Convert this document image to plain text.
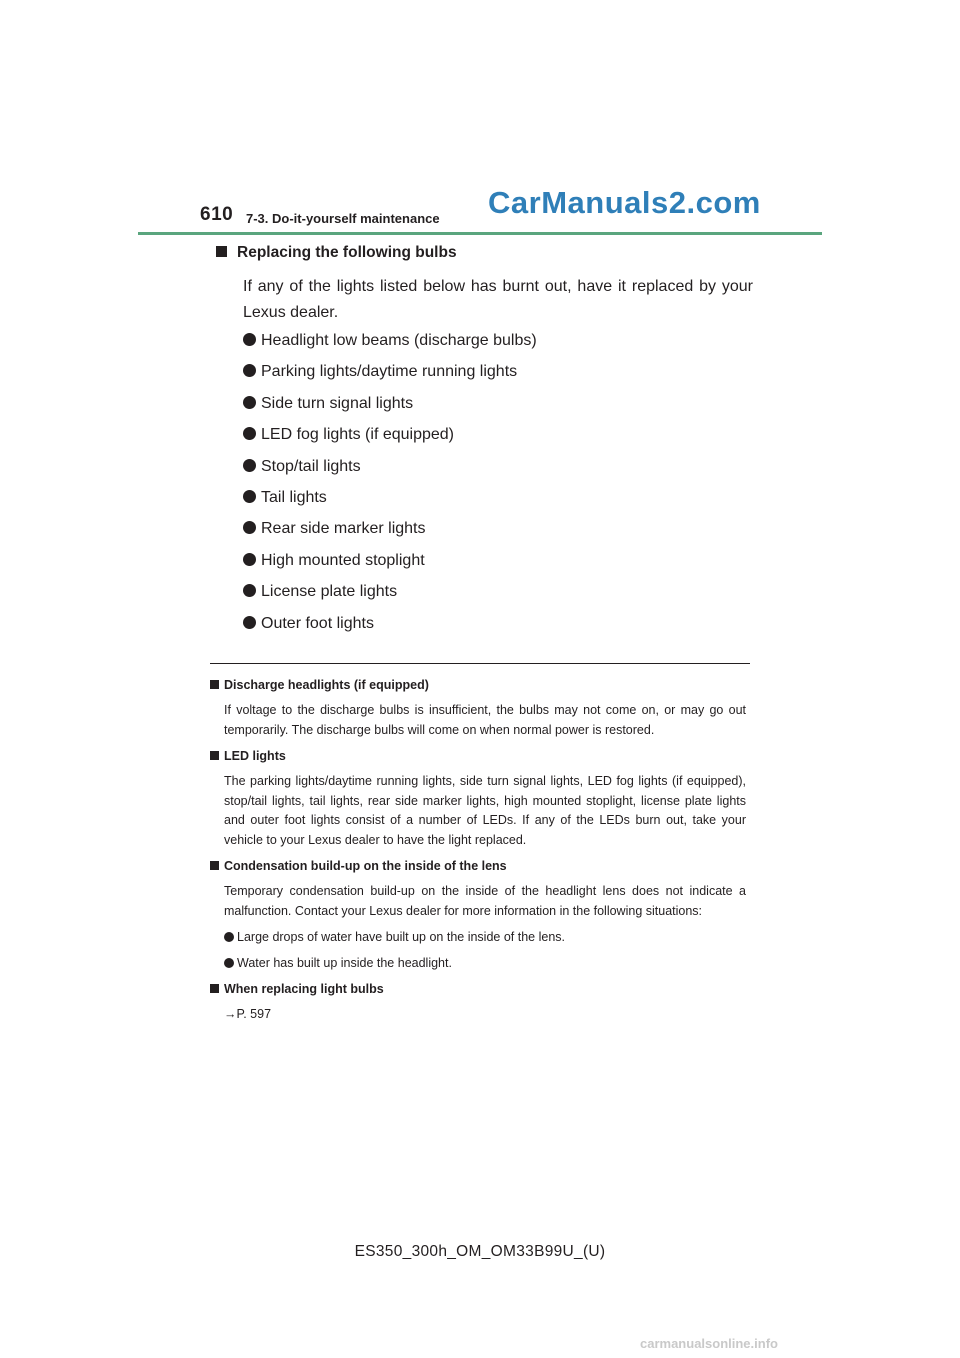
610 7-3. Do-it-yourself maintenance CarManuals2.com
Replacing the following bulbs
If any of the lights listed below has burnt out, have it replaced by your Lexus dealer.
Headlight low beams (discharge bulbs)
Parking lights/daytime running lights
Side turn signal lights
LED fog lights (if equipped)
Stop/tail lights
Tail lights
Rear side marker lights
High mounted stoplight
License plate lights
Outer foot lights
Discharge headlights (if equipped)
If voltage to the discharge bulbs is insufficient, the bulbs may not come on, or may go out temporarily. The discharge bulbs will come on when normal power is restored.
LED lights
The parking lights/daytime running lights, side turn signal lights, LED fog lights (if equipped), stop/tail lights, tail lights, rear side marker lights, high mounted stoplight, license plate lights and outer foot lights consist of a number of LEDs. If any of the LEDs burn out, take your vehicle to your Lexus dealer to have the light replaced.
Condensation build-up on the inside of the lens
Temporary condensation build-up on the inside of the headlight lens does not indicate a malfunction. Contact your Lexus dealer for more information in the following situations:
Large drops of water have built up on the inside of the lens.
Water has built up inside the headlight.
When replacing light bulbs
→P. 597
ES350_300h_OM_OM33B99U_(U)
carmanualsonline.info
